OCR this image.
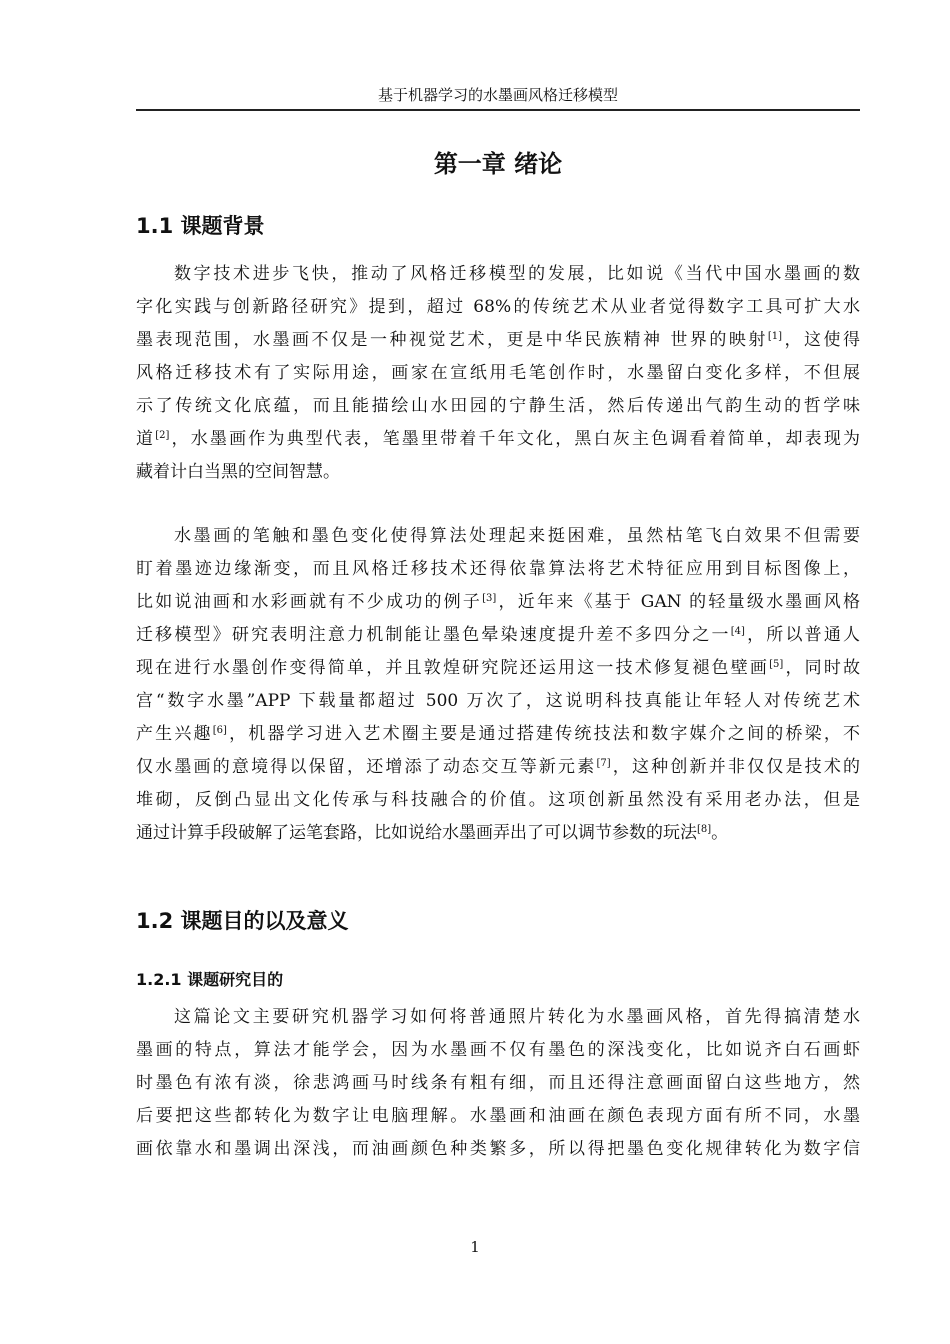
基于机器学习的水墨画风格迁移模型
第一章 绪论
1.1 课题背景
数字技术进步飞快，推动了风格迁移模型的发展，比如说《当代中国水墨画的数
字化实践与创新路径研究》提到，超过 68%的传统艺术从业者觉得数字工具可扩大水
墨表现范围，水墨画不仅是一种视觉艺术，更是中华民族精神 世界的映射[1]，这使得
风格迁移技术有了实际用途，画家在宣纸用毛笔创作时，水墨留白变化多样，不但展
示了传统文化底蕴，而且能描绘山水田园的宁静生活，然后传递出气韵生动的哲学味
道[2]，水墨画作为典型代表，笔墨里带着千年文化，黑白灰主色调看着简单，却表现为
藏着计白当黑的空间智慧。
水墨画的笔触和墨色变化使得算法处理起来挺困难，虽然枯笔飞白效果不但需要
盯着墨迹边缘渐变，而且风格迁移技术还得依靠算法将艺术特征应用到目标图像上，
比如说油画和水彩画就有不少成功的例子[3]，近年来《基于 GAN 的轻量级水墨画风格
迁移模型》研究表明注意力机制能让墨色晕染速度提升差不多四分之一[4]，所以普通人
现在进行水墨创作变得简单，并且敦煌研究院还运用这一技术修复褪色壁画[5]，同时故
宫“数字水墨”APP 下载量都超过 500 万次了，这说明科技真能让年轻人对传统艺术
产生兴趣[6]，机器学习进入艺术圈主要是通过搭建传统技法和数字媒介之间的桥梁，不
仅水墨画的意境得以保留，还增添了动态交互等新元素[7]，这种创新并非仅仅是技术的
堆砌，反倒凸显出文化传承与科技融合的价值。这项创新虽然没有采用老办法，但是
通过计算手段破解了运笔套路，比如说给水墨画弄出了可以调节参数的玩法[8]。
1.2 课题目的以及意义
1.2.1 课题研究目的
这篇论文主要研究机器学习如何将普通照片转化为水墨画风格，首先得搞清楚水
墨画的特点，算法才能学会，因为水墨画不仅有墨色的深浅变化，比如说齐白石画虾
时墨色有浓有淡，徐悲鸿画马时线条有粗有细，而且还得注意画面留白这些地方，然
后要把这些都转化为数字让电脑理解。水墨画和油画在颜色表现方面有所不同，水墨
画依靠水和墨调出深浅，而油画颜色种类繁多，所以得把墨色变化规律转化为数字信
1
